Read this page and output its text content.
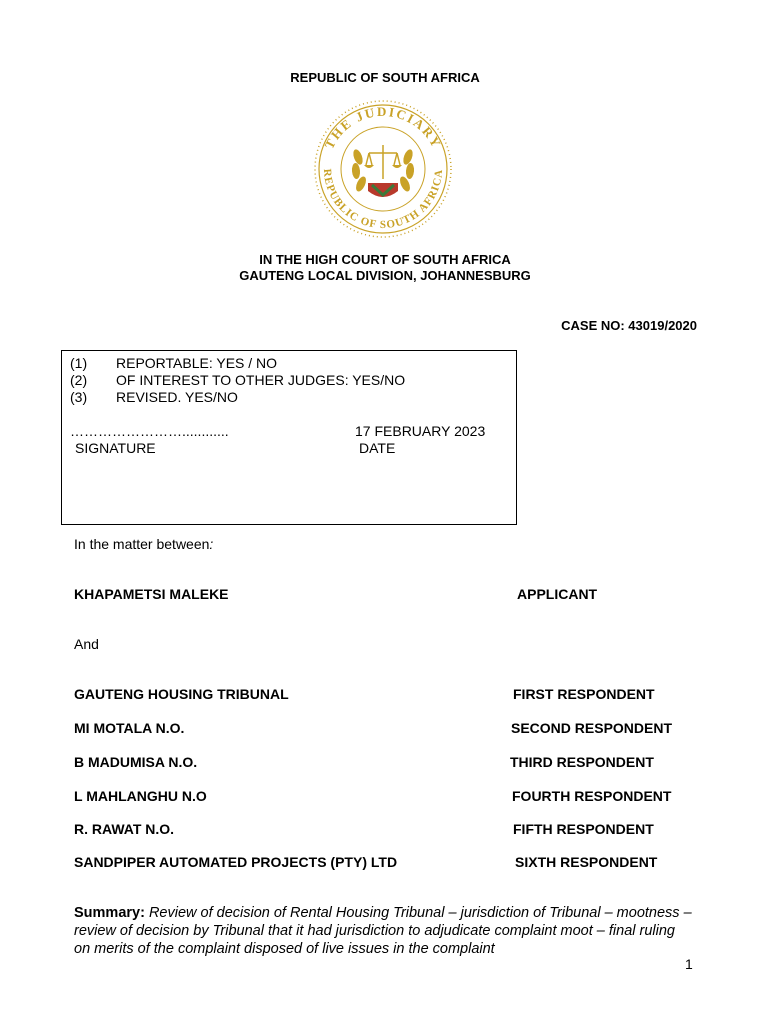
REPUBLIC OF SOUTH AFRICA
THE JUDICIARY
REPUBLIC OF SOUTH AFRICA
IN THE HIGH COURT OF SOUTH AFRICA
GAUTENG LOCAL DIVISION, JOHANNESBURG
CASE NO: 43019/2020
(1) REPORTABLE: YES / NO
(2) OF INTEREST TO OTHER JUDGES: YES/NO
(3) REVISED. YES/NO
……………………............
SIGNATURE
17 FEBRUARY 2023
DATE
In the matter between:
KHAPAMETSI MALEKE	APPLICANT
And
GAUTENG HOUSING TRIBUNAL	FIRST RESPONDENT
MI MOTALA N.O.	SECOND RESPONDENT
B MADUMISA N.O.	THIRD RESPONDENT
L MAHLANGHU N.O	FOURTH RESPONDENT
R. RAWAT N.O.	FIFTH RESPONDENT
SANDPIPER AUTOMATED PROJECTS (PTY) LTD	SIXTH RESPONDENT
Summary: Review of decision of Rental Housing Tribunal – jurisdiction of Tribunal – mootness – review of decision by Tribunal that it had jurisdiction to adjudicate complaint moot – final ruling on merits of the complaint disposed of live issues in the complaint
1
